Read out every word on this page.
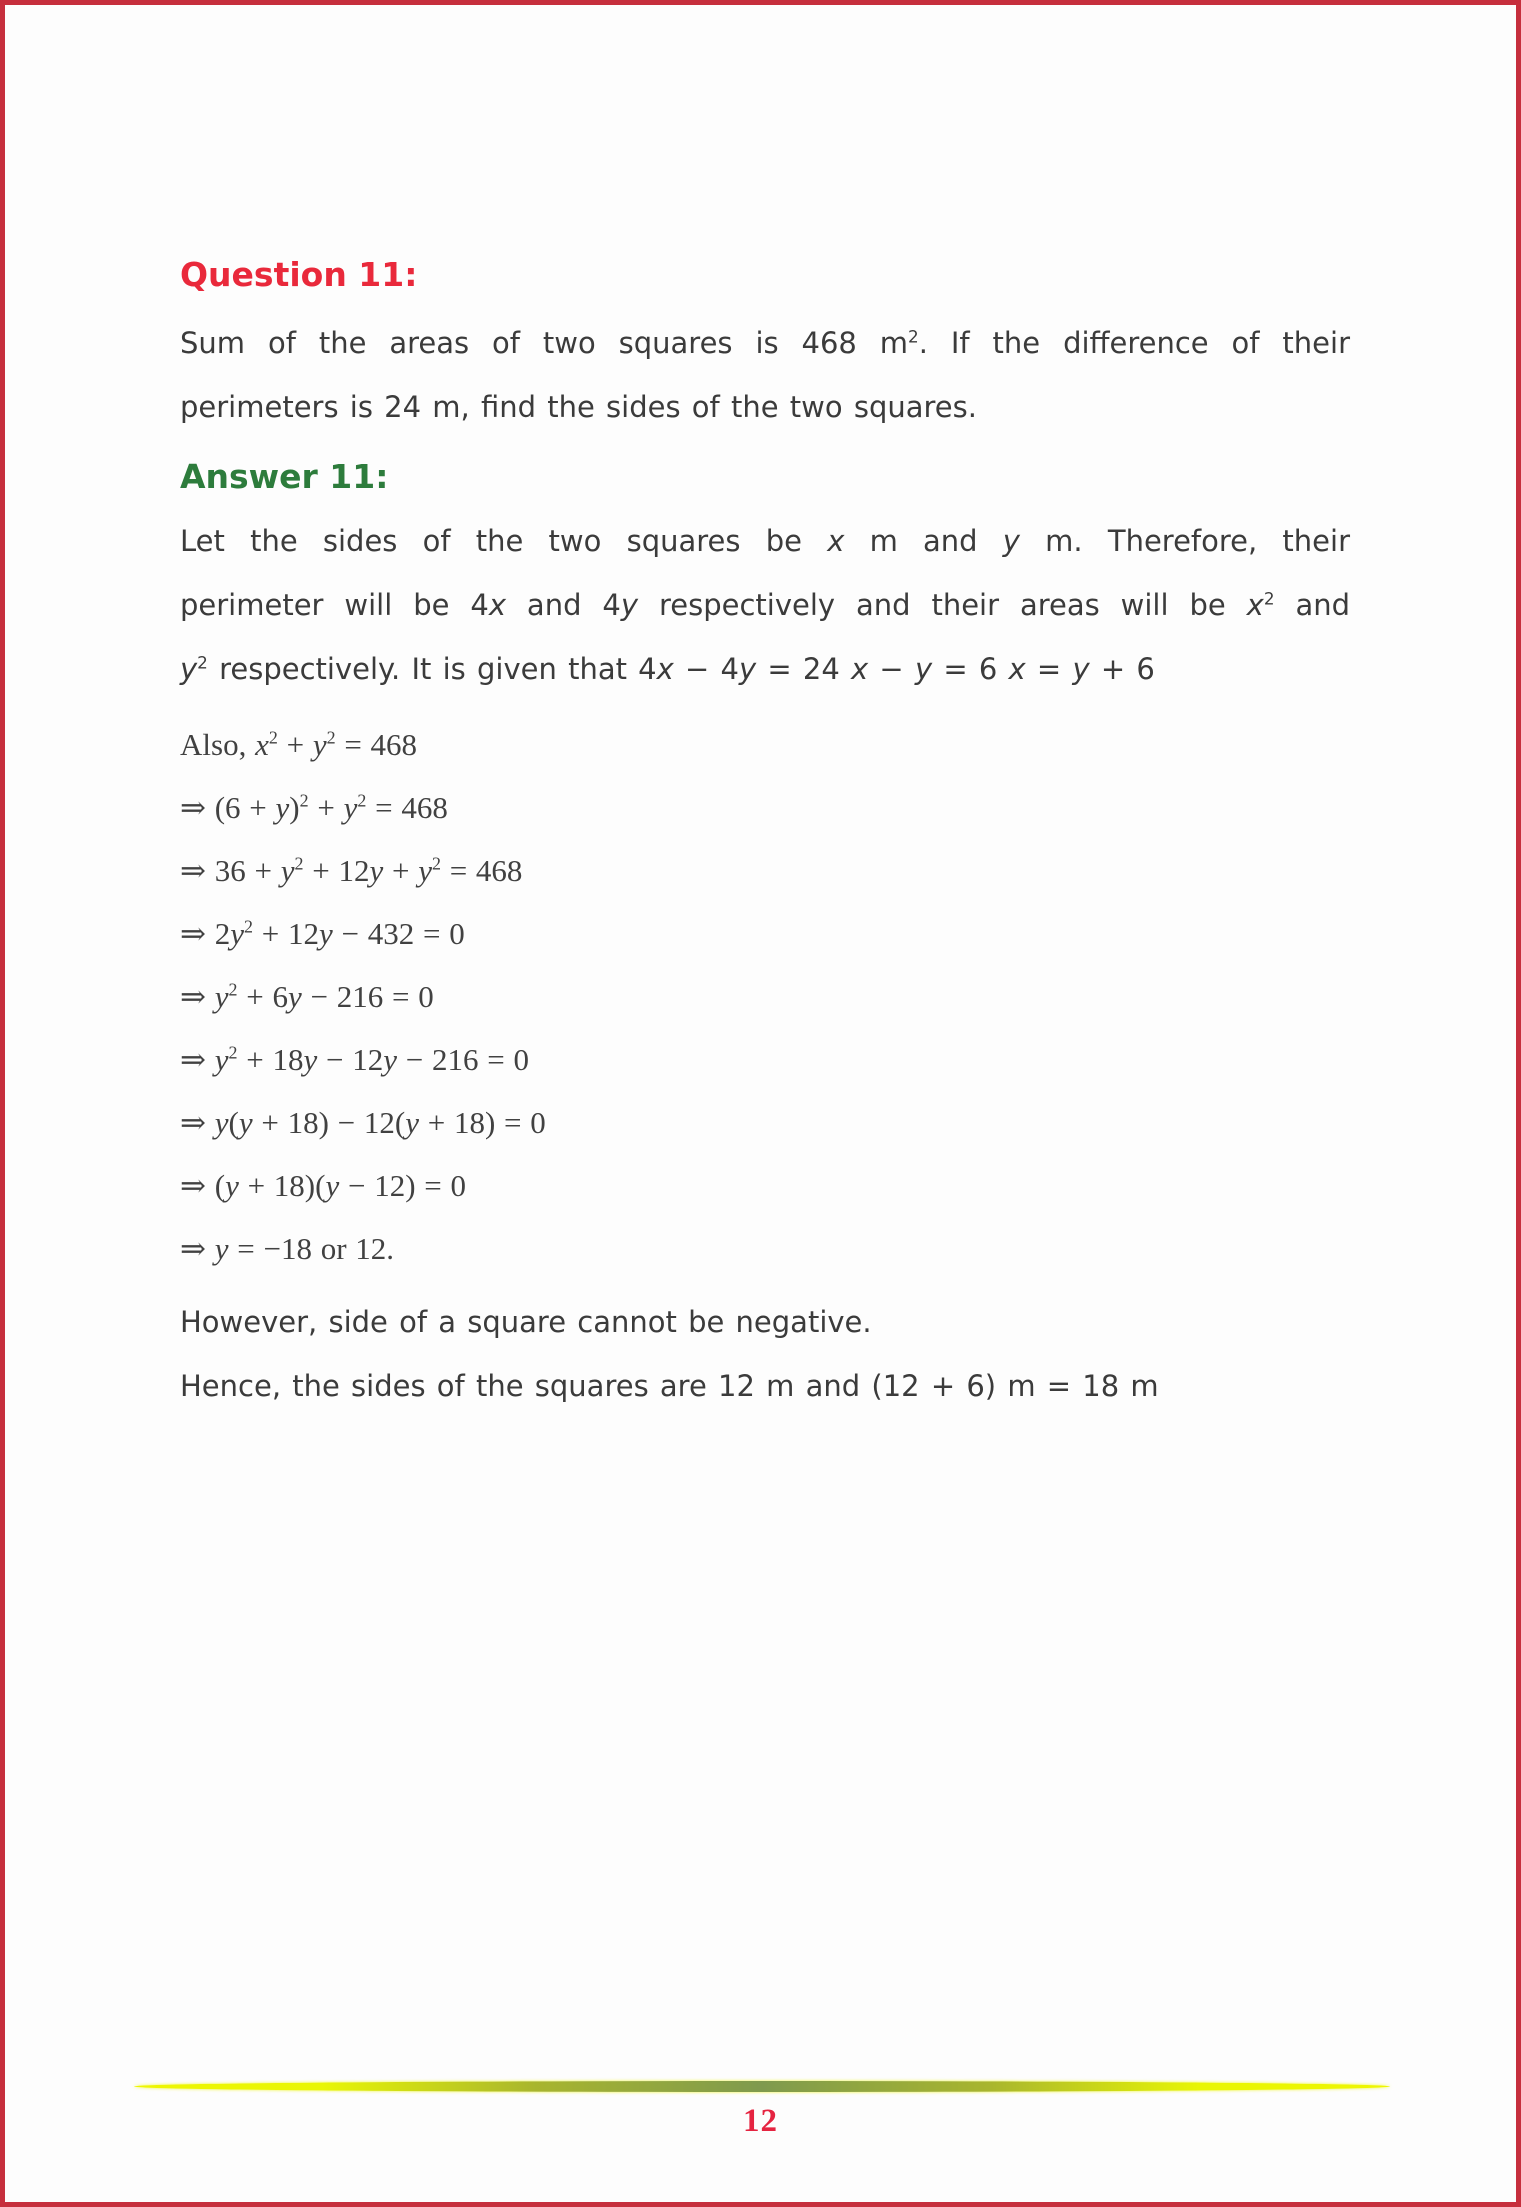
Question 11:
Sum of the areas of two squares is 468 $m^2$. If the difference of their
perimeters is 24 m, find the sides of the two squares.
Answer 11:
Let the sides of the two squares be x m and y m. Therefore, their
perimeter will be 4x and 4y respectively and their areas will be $x^2$ and
$y^2$ respectively. It is given that 4x − 4y = 24 x − y = 6 x = y + 6
Also, $x^2 + y^2 = 468$
⇒ $(6 + y)^2 + y^2 = 468$
⇒ $36 + y^2 + 12y + y^2 = 468$
⇒ $2y^2 + 12y - 432 = 0$
⇒ $y^2 + 6y - 216 = 0$
⇒ $y^2 + 18y - 12y - 216 = 0$
⇒ y(y + 18) − 12(y + 18) = 0
⇒ (y + 18)(y − 12) = 0
⇒ y = −18 or 12.
However, side of a square cannot be negative.
Hence, the sides of the squares are 12 m and (12 + 6) m = 18 m
12
